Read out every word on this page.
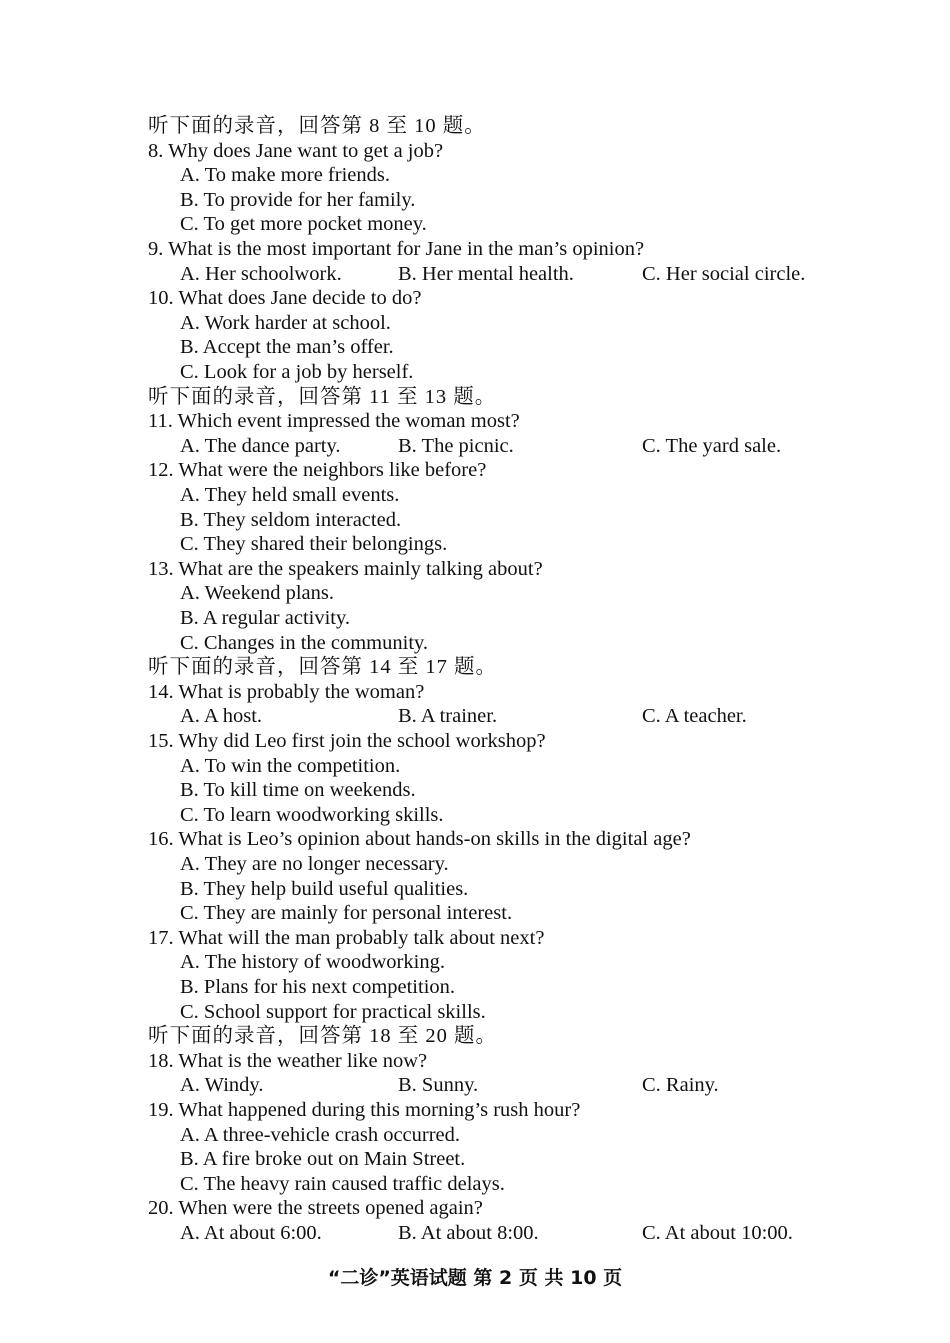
听下面的录音，回答第 8 至 10 题。
8. Why does Jane want to get a job?
A. To make more friends.
B. To provide for her family.
C. To get more pocket money.
9. What is the most important for Jane in the man’s opinion?
A. Her schoolwork.	B. Her mental health.	C. Her social circle.
10. What does Jane decide to do?
A. Work harder at school.
B. Accept the man’s offer.
C. Look for a job by herself.
听下面的录音，回答第 11 至 13 题。
11. Which event impressed the woman most?
A. The dance party.	B. The picnic.	C. The yard sale.
12. What were the neighbors like before?
A. They held small events.
B. They seldom interacted.
C. They shared their belongings.
13. What are the speakers mainly talking about?
A. Weekend plans.
B. A regular activity.
C. Changes in the community.
听下面的录音，回答第 14 至 17 题。
14. What is probably the woman?
A. A host.	B. A trainer.	C. A teacher.
15. Why did Leo first join the school workshop?
A. To win the competition.
B. To kill time on weekends.
C. To learn woodworking skills.
16. What is Leo’s opinion about hands-on skills in the digital age?
A. They are no longer necessary.
B. They help build useful qualities.
C. They are mainly for personal interest.
17. What will the man probably talk about next?
A. The history of woodworking.
B. Plans for his next competition.
C. School support for practical skills.
听下面的录音，回答第 18 至 20 题。
18. What is the weather like now?
A. Windy.	B. Sunny.	C. Rainy.
19. What happened during this morning’s rush hour?
A. A three-vehicle crash occurred.
B. A fire broke out on Main Street.
C. The heavy rain caused traffic delays.
20. When were the streets opened again?
A. At about 6:00.	B. At about 8:00.	C. At about 10:00.
“二诊”英语试题 第 2 页 共 10 页
